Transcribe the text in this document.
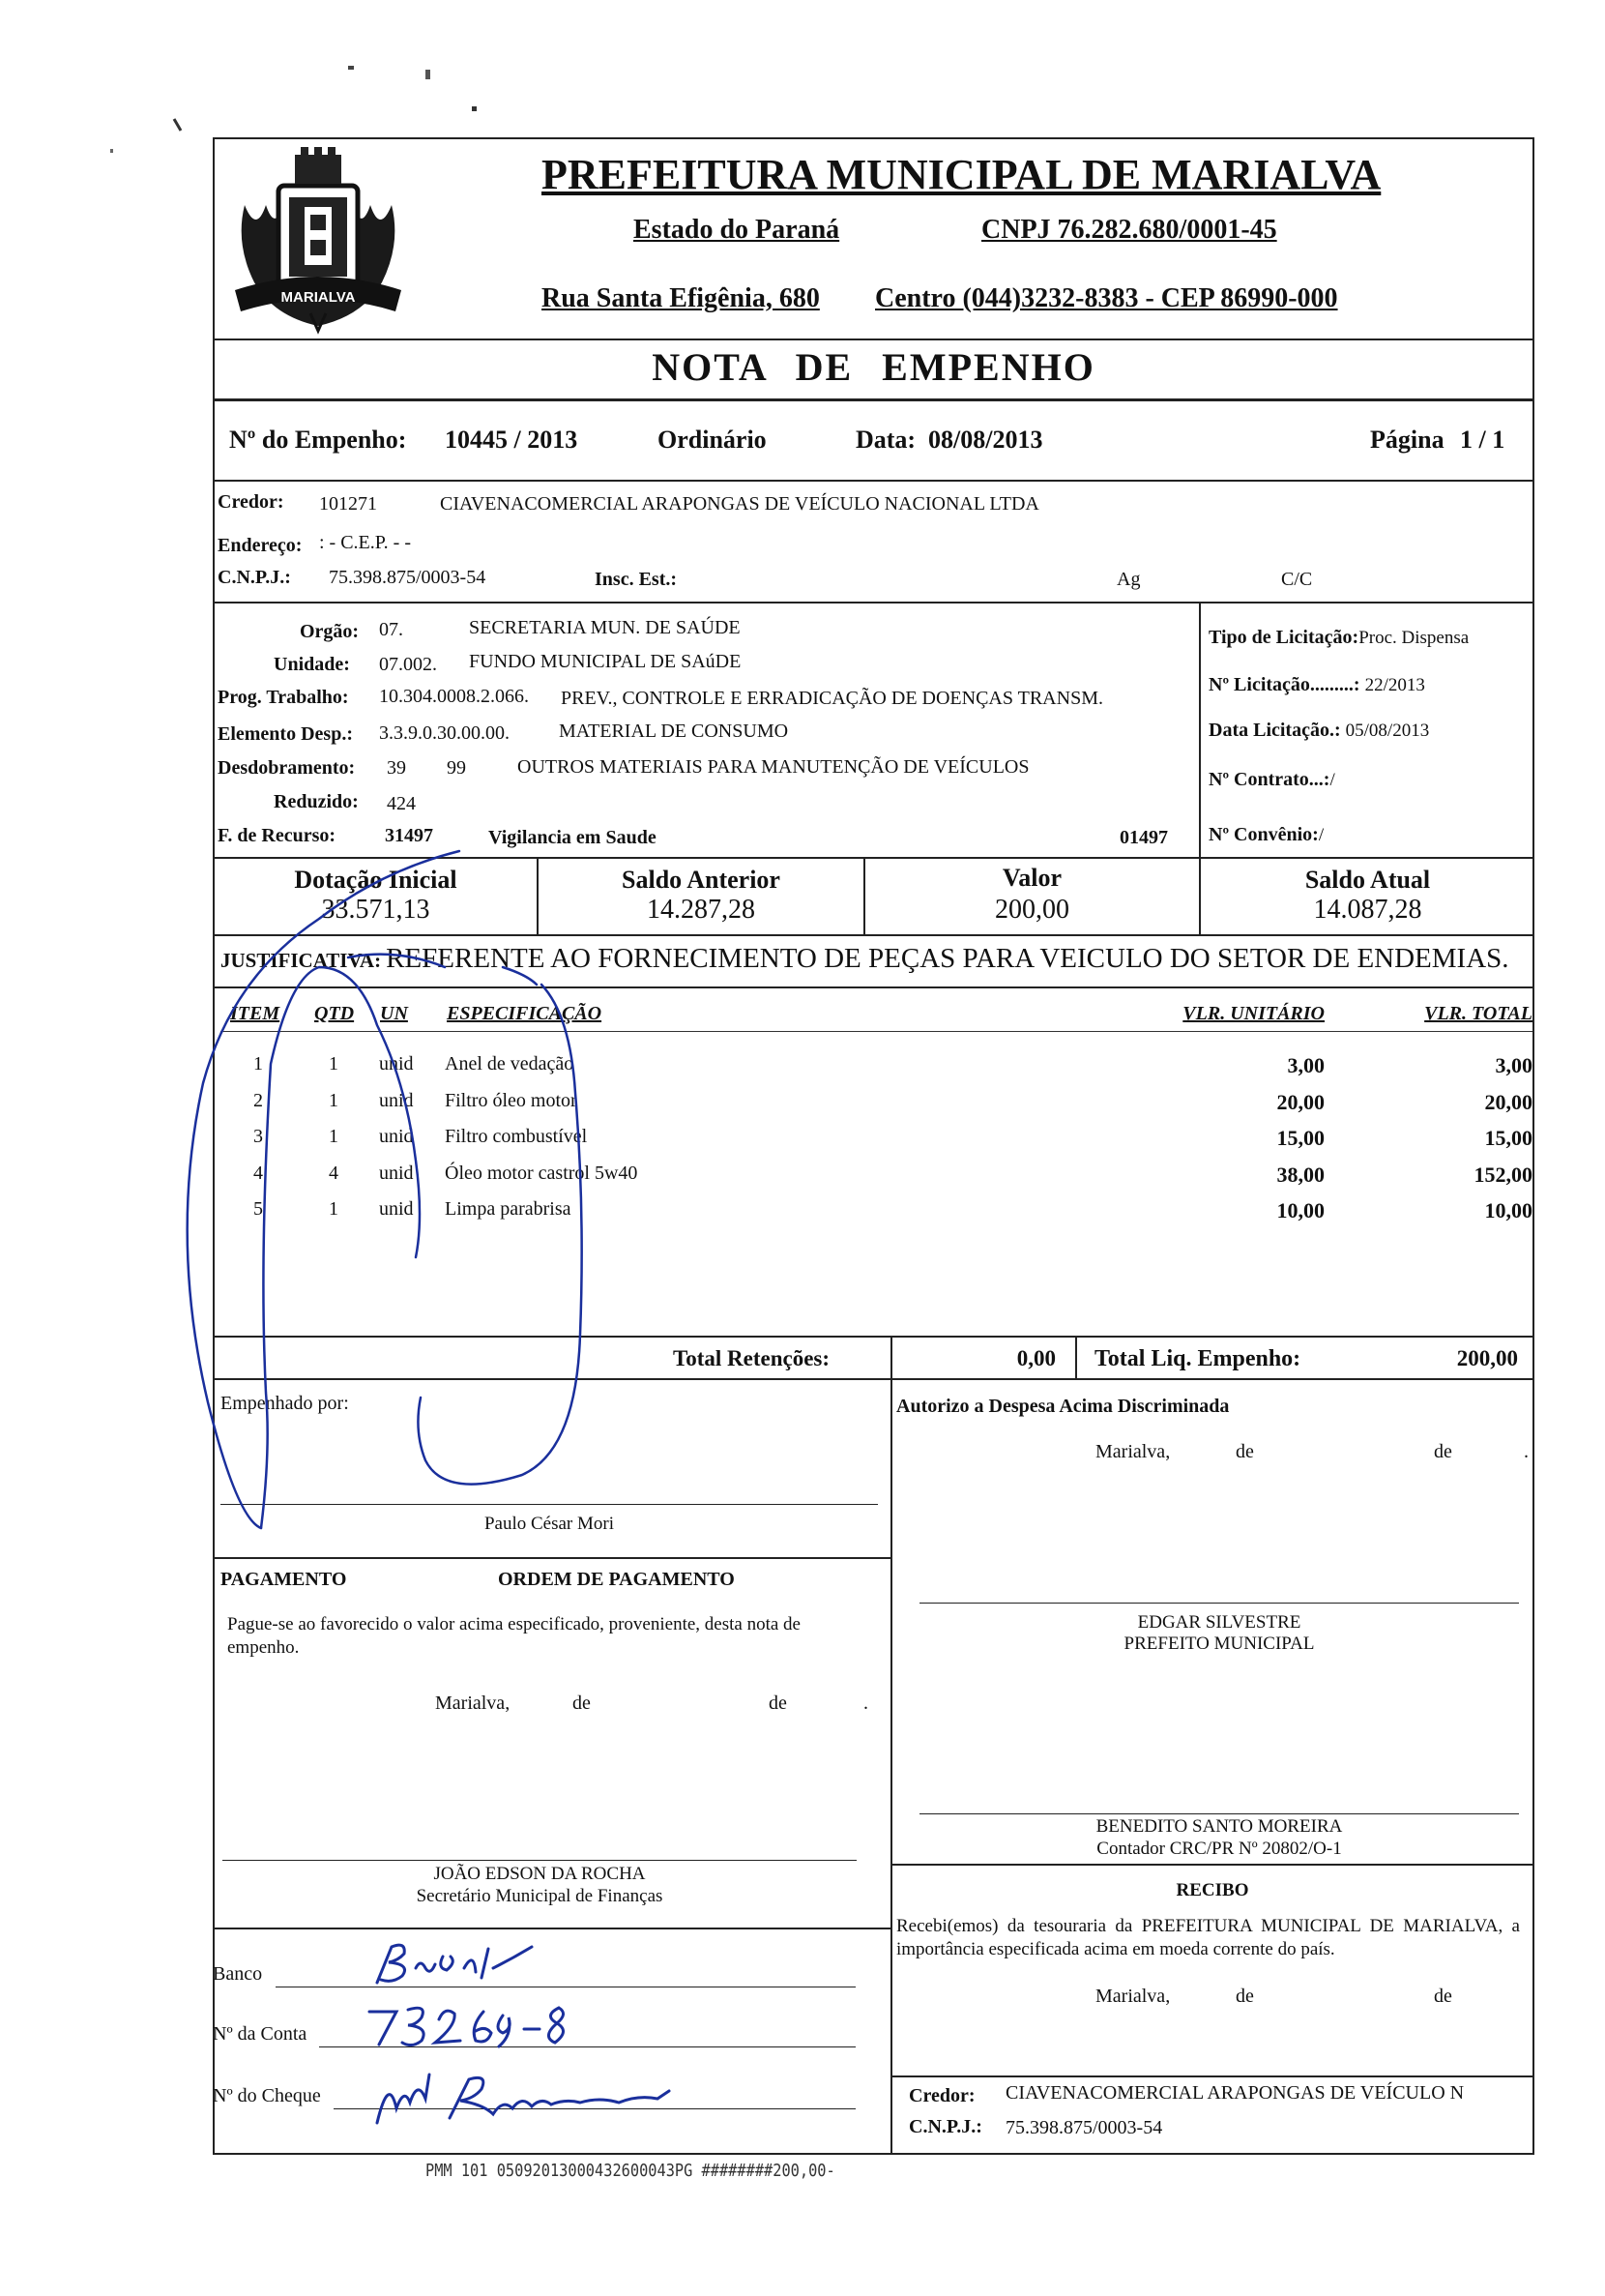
MARIALVA
PREFEITURA MUNICIPAL DE MARIALVA
Estado do Paraná	CNPJ 76.282.680/0001-45
Rua Santa Efigênia, 680 Centro (044)3232-8383 - CEP 86990-000
NOTA DE EMPENHO
Nº do Empenho: 10445 / 2013	Ordinário	Data: 08/08/2013	Página 1 / 1
Credor: 101271	CIAVENACOMERCIAL ARAPONGAS DE VEÍCULO NACIONAL LTDA
Endereço: : - C.E.P. - -
C.N.P.J.: 75.398.875/0003-54	Insc. Est.:	Ag	C/C
Orgão: 07.	SECRETARIA MUN. DE SAÚDE
Unidade: 07.002. FUNDO MUNICIPAL DE SAúDE
Prog. Trabalho: 10.304.0008.2.066. PREV., CONTROLE E ERRADICAÇÃO DE DOENÇAS TRANSM.
Elemento Desp.: 3.3.9.0.30.00.00.	MATERIAL DE CONSUMO
Desdobramento: 39 99	OUTROS MATERIAIS PARA MANUTENÇÃO DE VEÍCULOS
Reduzido: 424
F. de Recurso:	31497	Vigilancia em Saude	01497
Tipo de Licitação:Proc. Dispensa
Nº Licitação.........: 22/2013
Data Licitação.: 05/08/2013
Nº Contrato...:/
Nº Convênio:/
Dotação Inicial
33.571,13
Saldo Anterior
14.287,28
Valor
200,00
Saldo Atual
14.087,28
JUSTIFICATIVA: REFERENTE AO FORNECIMENTO DE PEÇAS PARA VEICULO DO SETOR DE ENDEMIAS.
ITEM QTD UN ESPECIFICAÇÃO	VLR. UNITÁRIO	VLR. TOTAL
1	1 unid Anel de vedação	3,00	3,00
2	1 unid Filtro óleo motor	20,00	20,00
3	1 unid Filtro combustível	15,00	15,00
4	4 unid Óleo motor castrol 5w40	38,00	152,00
5	1 unid Limpa parabrisa	10,00	10,00
Total Retenções:	0,00 Total Liq. Empenho:	200,00
Empenhado por:
Paulo César Mori
Autorizo a Despesa Acima Discriminada
Marialva,	de	de	.
PAGAMENTO	ORDEM DE PAGAMENTO
Pague-se ao favorecido o valor acima especificado, proveniente, desta nota de empenho.
Marialva,	de	de	.
EDGAR SILVESTRE
PREFEITO MUNICIPAL
BENEDITO SANTO MOREIRA
Contador CRC/PR Nº 20802/O-1
JOÃO EDSON DA ROCHA
Secretário Municipal de Finanças	RECIBO
Recebi(emos) da tesouraria da PREFEITURA MUNICIPAL DE MARIALVA, a importância especificada acima em moeda corrente do país.
Marialva,	de	de
Banco
Nº da Conta
Nº do Cheque	Credor: CIAVENACOMERCIAL ARAPONGAS DE VEÍCULO N
C.N.P.J.: 75.398.875/0003-54
PMM 101 05092013000432600043PG ########200,00-
